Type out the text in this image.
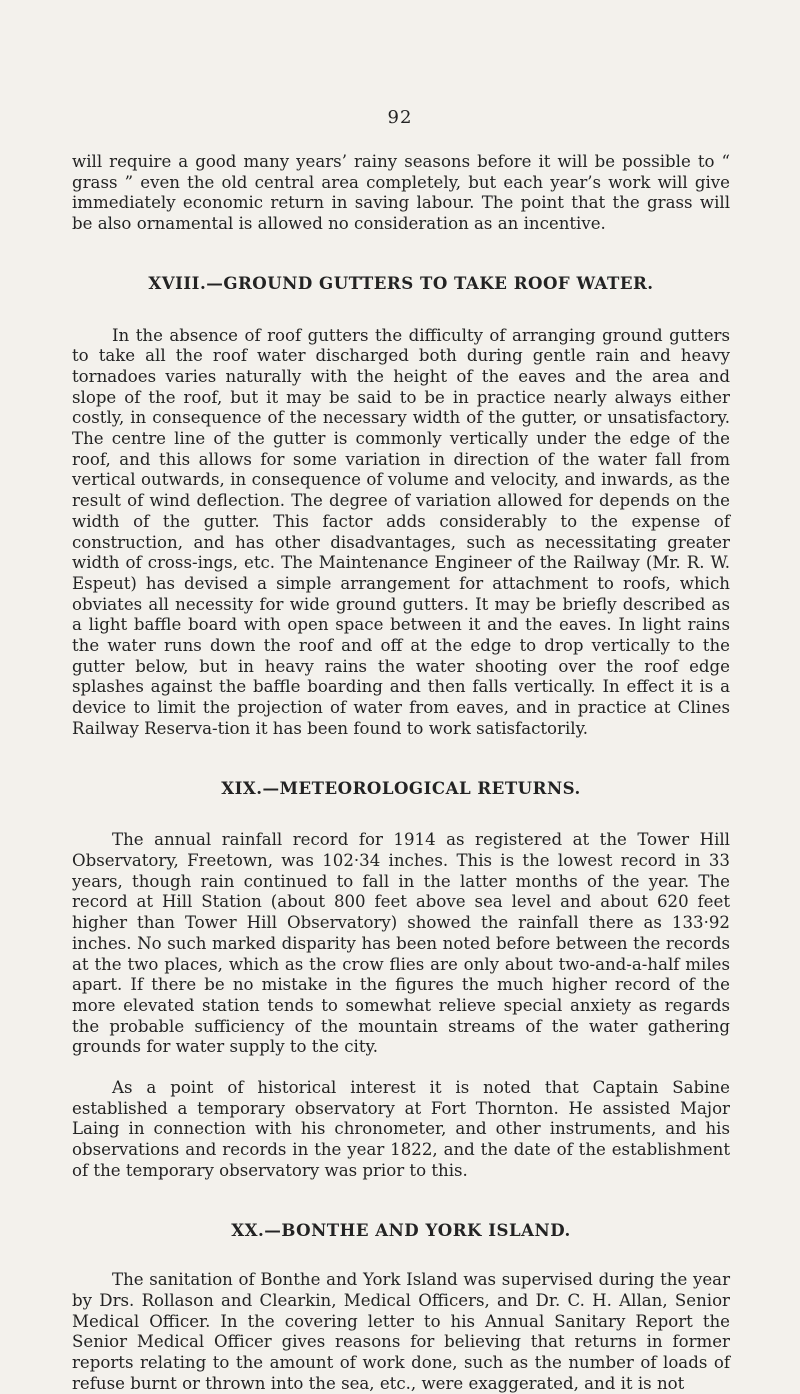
92

will require a good many years’ rainy seasons before it will be possible to “ grass ” even the old central area completely, but each year’s work will give immediately economic return in saving labour. The point that the grass will be also ornamental is allowed no consideration as an incentive.

XVIII.—GROUND GUTTERS TO TAKE ROOF WATER.

In the absence of roof gutters the difficulty of arranging ground gutters to take all the roof water discharged both during gentle rain and heavy tornadoes varies naturally with the height of the eaves and the area and slope of the roof, but it may be said to be in practice nearly always either costly, in consequence of the necessary width of the gutter, or unsatisfactory. The centre line of the gutter is commonly vertically under the edge of the roof, and this allows for some variation in direction of the water fall from vertical outwards, in consequence of volume and velocity, and inwards, as the result of wind deflection. The degree of variation allowed for depends on the width of the gutter. This factor adds considerably to the expense of construction, and has other disadvantages, such as necessitating greater width of cross-ings, etc. The Maintenance Engineer of the Railway (Mr. R. W. Espeut) has devised a simple arrangement for attachment to roofs, which obviates all necessity for wide ground gutters. It may be briefly described as a light baffle board with open space between it and the eaves. In light rains the water runs down the roof and off at the edge to drop vertically to the gutter below, but in heavy rains the water shooting over the roof edge splashes against the baffle boarding and then falls vertically. In effect it is a device to limit the projection of water from eaves, and in practice at Clines Railway Reserva-tion it has been found to work satisfactorily.

XIX.—METEOROLOGICAL RETURNS.

The annual rainfall record for 1914 as registered at the Tower Hill Observatory, Freetown, was 102·34 inches. This is the lowest record in 33 years, though rain continued to fall in the latter months of the year. The record at Hill Station (about 800 feet above sea level and about 620 feet higher than Tower Hill Observatory) showed the rainfall there as 133·92 inches. No such marked disparity has been noted before between the records at the two places, which as the crow flies are only about two-and-a-half miles apart. If there be no mistake in the figures the much higher record of the more elevated station tends to somewhat relieve special anxiety as regards the probable sufficiency of the mountain streams of the water gathering grounds for water supply to the city.

As a point of historical interest it is noted that Captain Sabine established a temporary observatory at Fort Thornton. He assisted Major Laing in connection with his chronometer, and other instruments, and his observations and records in the year 1822, and the date of the establishment of the temporary observatory was prior to this.

XX.—BONTHE AND YORK ISLAND.

The sanitation of Bonthe and York Island was supervised during the year by Drs. Rollason and Clearkin, Medical Officers, and Dr. C. H. Allan, Senior Medical Officer. In the covering letter to his Annual Sanitary Report the Senior Medical Officer gives reasons for believing that returns in former reports relating to the amount of work done, such as the number of loads of refuse burnt or thrown into the sea, etc., were exaggerated, and it is not
